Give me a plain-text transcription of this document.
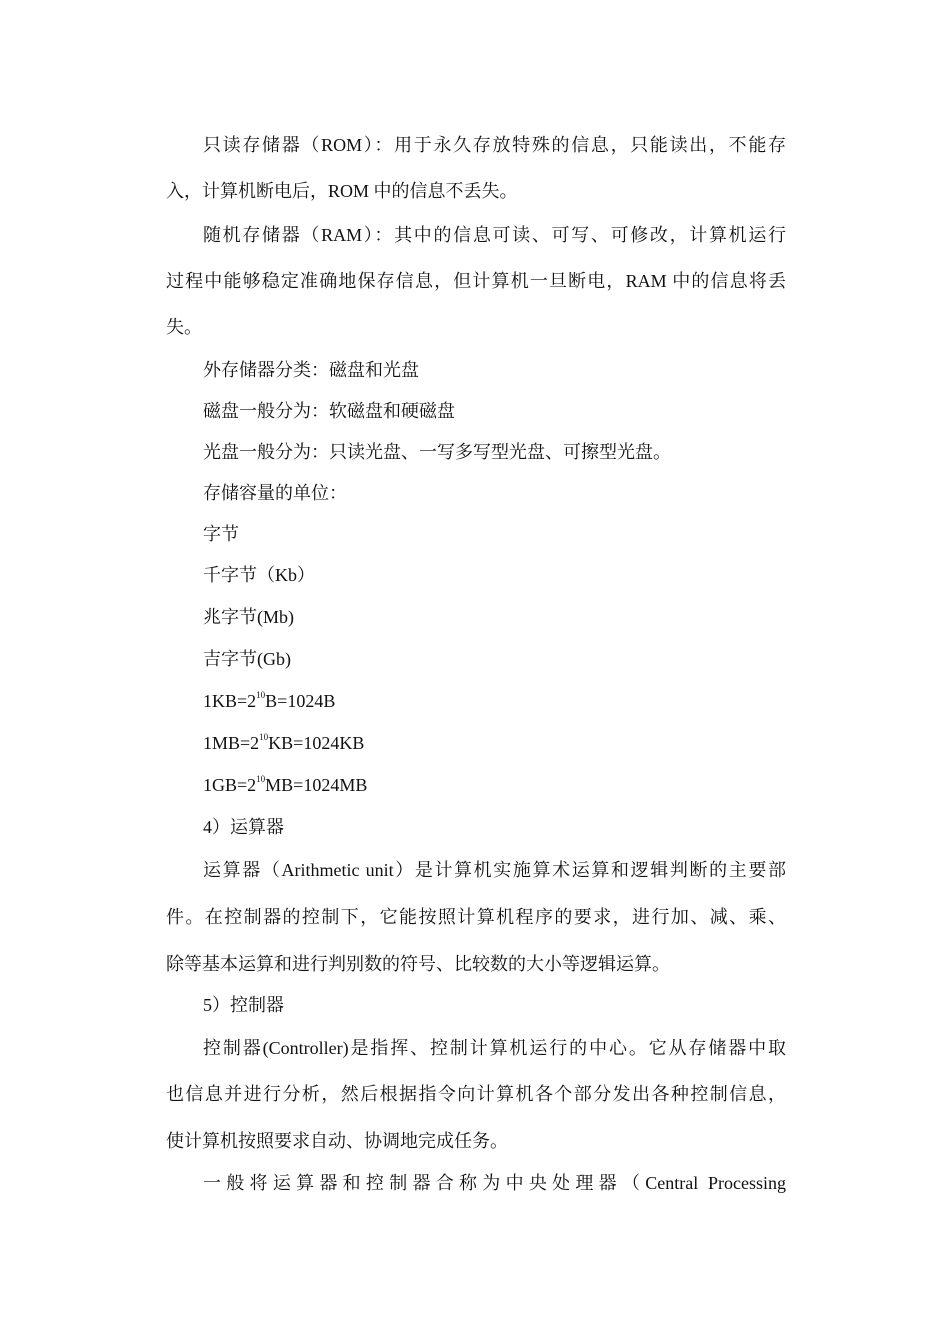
只读存储器（ROM）：用于永久存放特殊的信息，只能读出，不能存
入，计算机断电后，ROM 中的信息不丢失。
随机存储器（RAM）：其中的信息可读、可写、可修改，计算机运行
过程中能够稳定准确地保存信息，但计算机一旦断电，RAM 中的信息将丢
失。
外存储器分类：磁盘和光盘
磁盘一般分为：软磁盘和硬磁盘
光盘一般分为：只读光盘、一写多写型光盘、可擦型光盘。
存储容量的单位：
字节
千字节（Kb）
兆字节(Mb)
吉字节(Gb)
$1KB=2^{10}B=1024B$
$1MB=2^{10}KB=1024KB$
$1GB=2^{10}MB=1024MB$
4）运算器
运算器（Arithmetic unit）是计算机实施算术运算和逻辑判断的主要部
件。在控制器的控制下，它能按照计算机程序的要求，进行加、减、乘、
除等基本运算和进行判别数的符号、比较数的大小等逻辑运算。
5）控制器
控制器(Controller)是指挥、控制计算机运行的中心。它从存储器中取
也信息并进行分析，然后根据指令向计算机各个部分发出各种控制信息，
使计算机按照要求自动、协调地完成任务。
一般将运算器和控制器合称为中央处理器（Central Processing
